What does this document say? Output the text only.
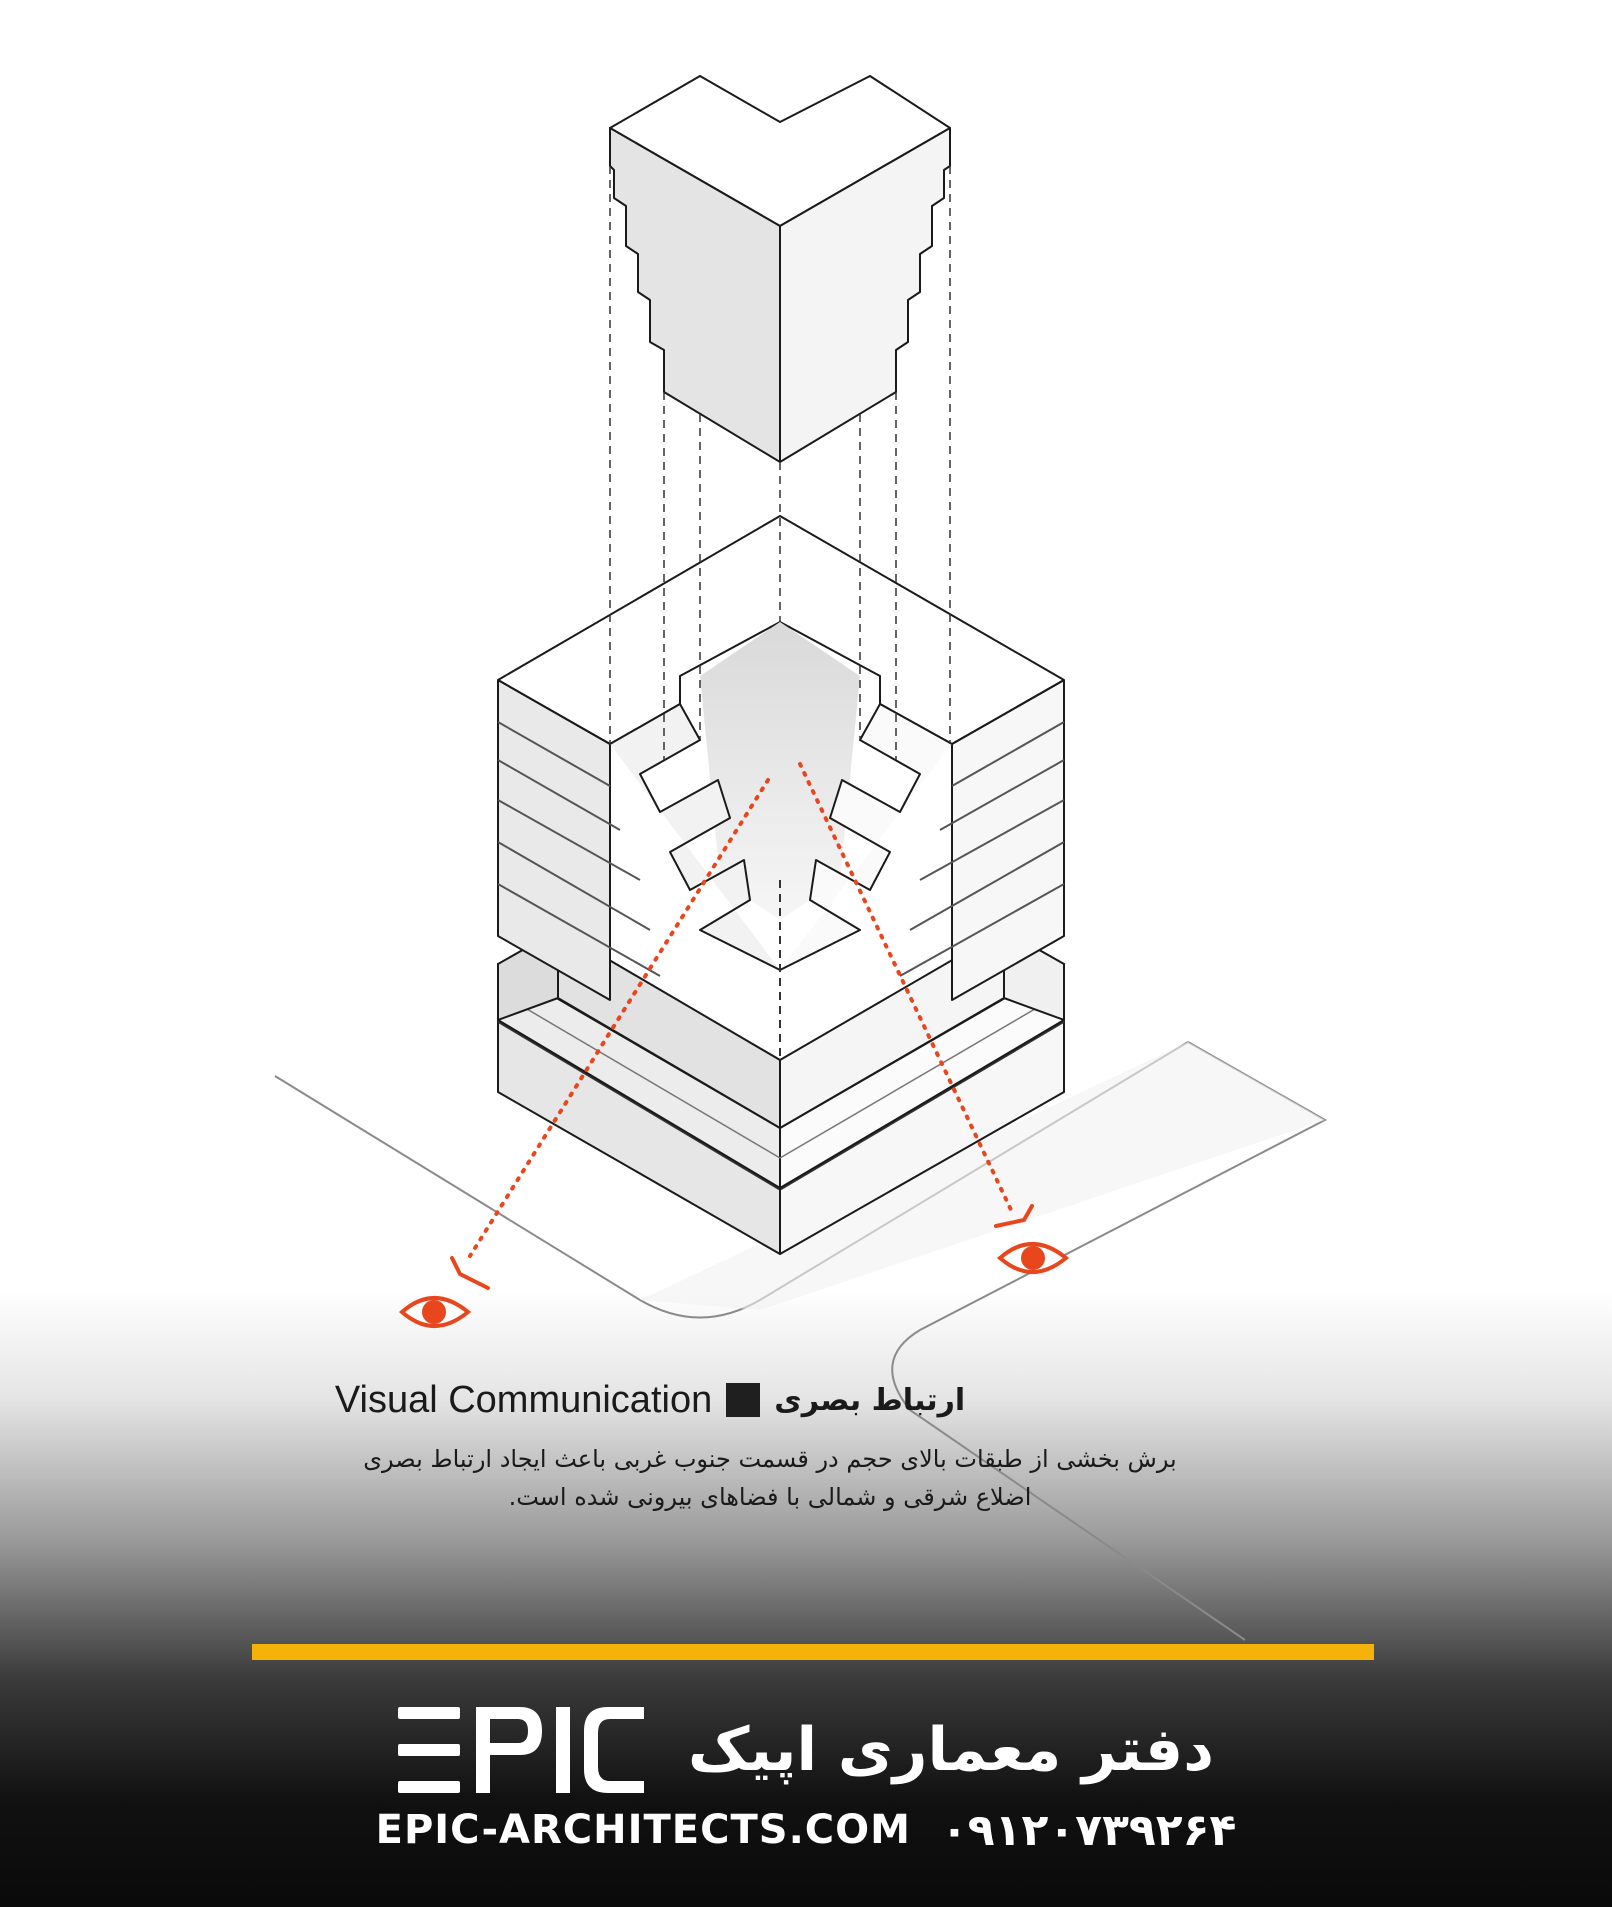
Visual Communication ارتباط بصری
برش بخشی از طبقات بالای حجم در قسمت جنوب غربی باعث ایجاد ارتباط بصری
اضلاع شرقی و شمالی با فضاهای بیرونی شده است.
دفتر معماری اپیک
EPIC-ARCHITECTS.COM ۰۹۱۲۰۷۳۹۲۶۴
